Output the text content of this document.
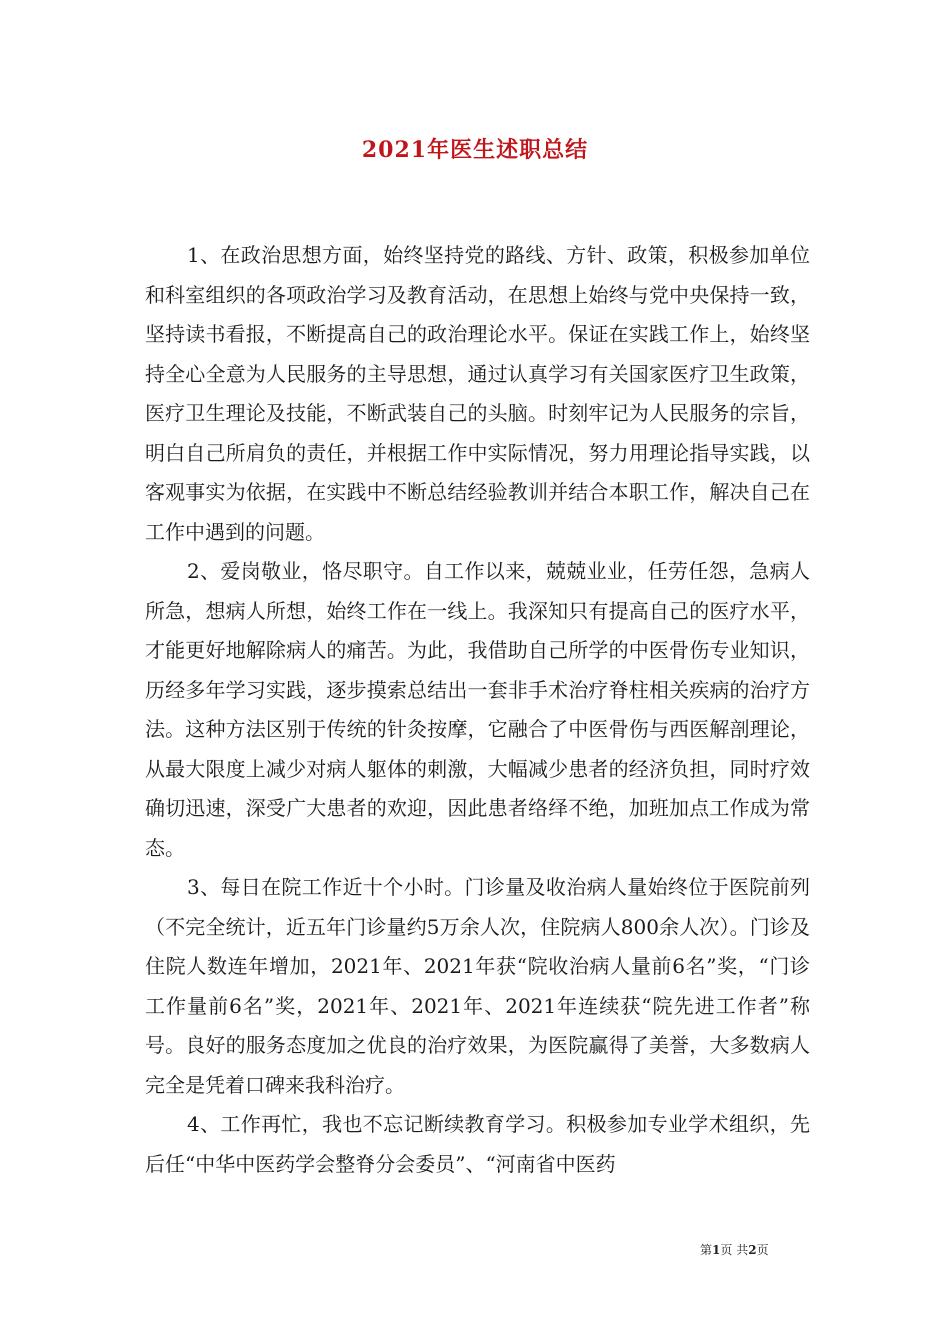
2021年医生述职总结

1、在政治思想方面，始终坚持党的路线、方针、政策，积极参加单位和科室组织的各项政治学习及教育活动，在思想上始终与党中央保持一致，坚持读书看报，不断提高自己的政治理论水平。保证在实践工作上，始终坚持全心全意为人民服务的主导思想，通过认真学习有关国家医疗卫生政策，医疗卫生理论及技能，不断武装自己的头脑。时刻牢记为人民服务的宗旨，明白自己所肩负的责任，并根据工作中实际情况，努力用理论指导实践，以客观事实为依据，在实践中不断总结经验教训并结合本职工作，解决自己在工作中遇到的问题。

2、爱岗敬业，恪尽职守。自工作以来，兢兢业业，任劳任怨，急病人所急，想病人所想，始终工作在一线上。我深知只有提高自己的医疗水平，才能更好地解除病人的痛苦。为此，我借助自己所学的中医骨伤专业知识，历经多年学习实践，逐步摸索总结出一套非手术治疗脊柱相关疾病的治疗方法。这种方法区别于传统的针灸按摩，它融合了中医骨伤与西医解剖理论，从最大限度上减少对病人躯体的刺激，大幅减少患者的经济负担，同时疗效确切迅速，深受广大患者的欢迎，因此患者络绎不绝，加班加点工作成为常态。

3、每日在院工作近十个小时。门诊量及收治病人量始终位于医院前列（不完全统计，近五年门诊量约5万余人次，住院病人800余人次）。门诊及住院人数连年增加，2021年、2021年获“院收治病人量前6名”奖，“门诊工作量前6名”奖，2021年、2021年、2021年连续获“院先进工作者”称号。良好的服务态度加之优良的治疗效果，为医院赢得了美誉，大多数病人完全是凭着口碑来我科治疗。

4、工作再忙，我也不忘记断续教育学习。积极参加专业学术组织，先后任“中华中医药学会整脊分会委员”、“河南省中医药

第1页 共2页
